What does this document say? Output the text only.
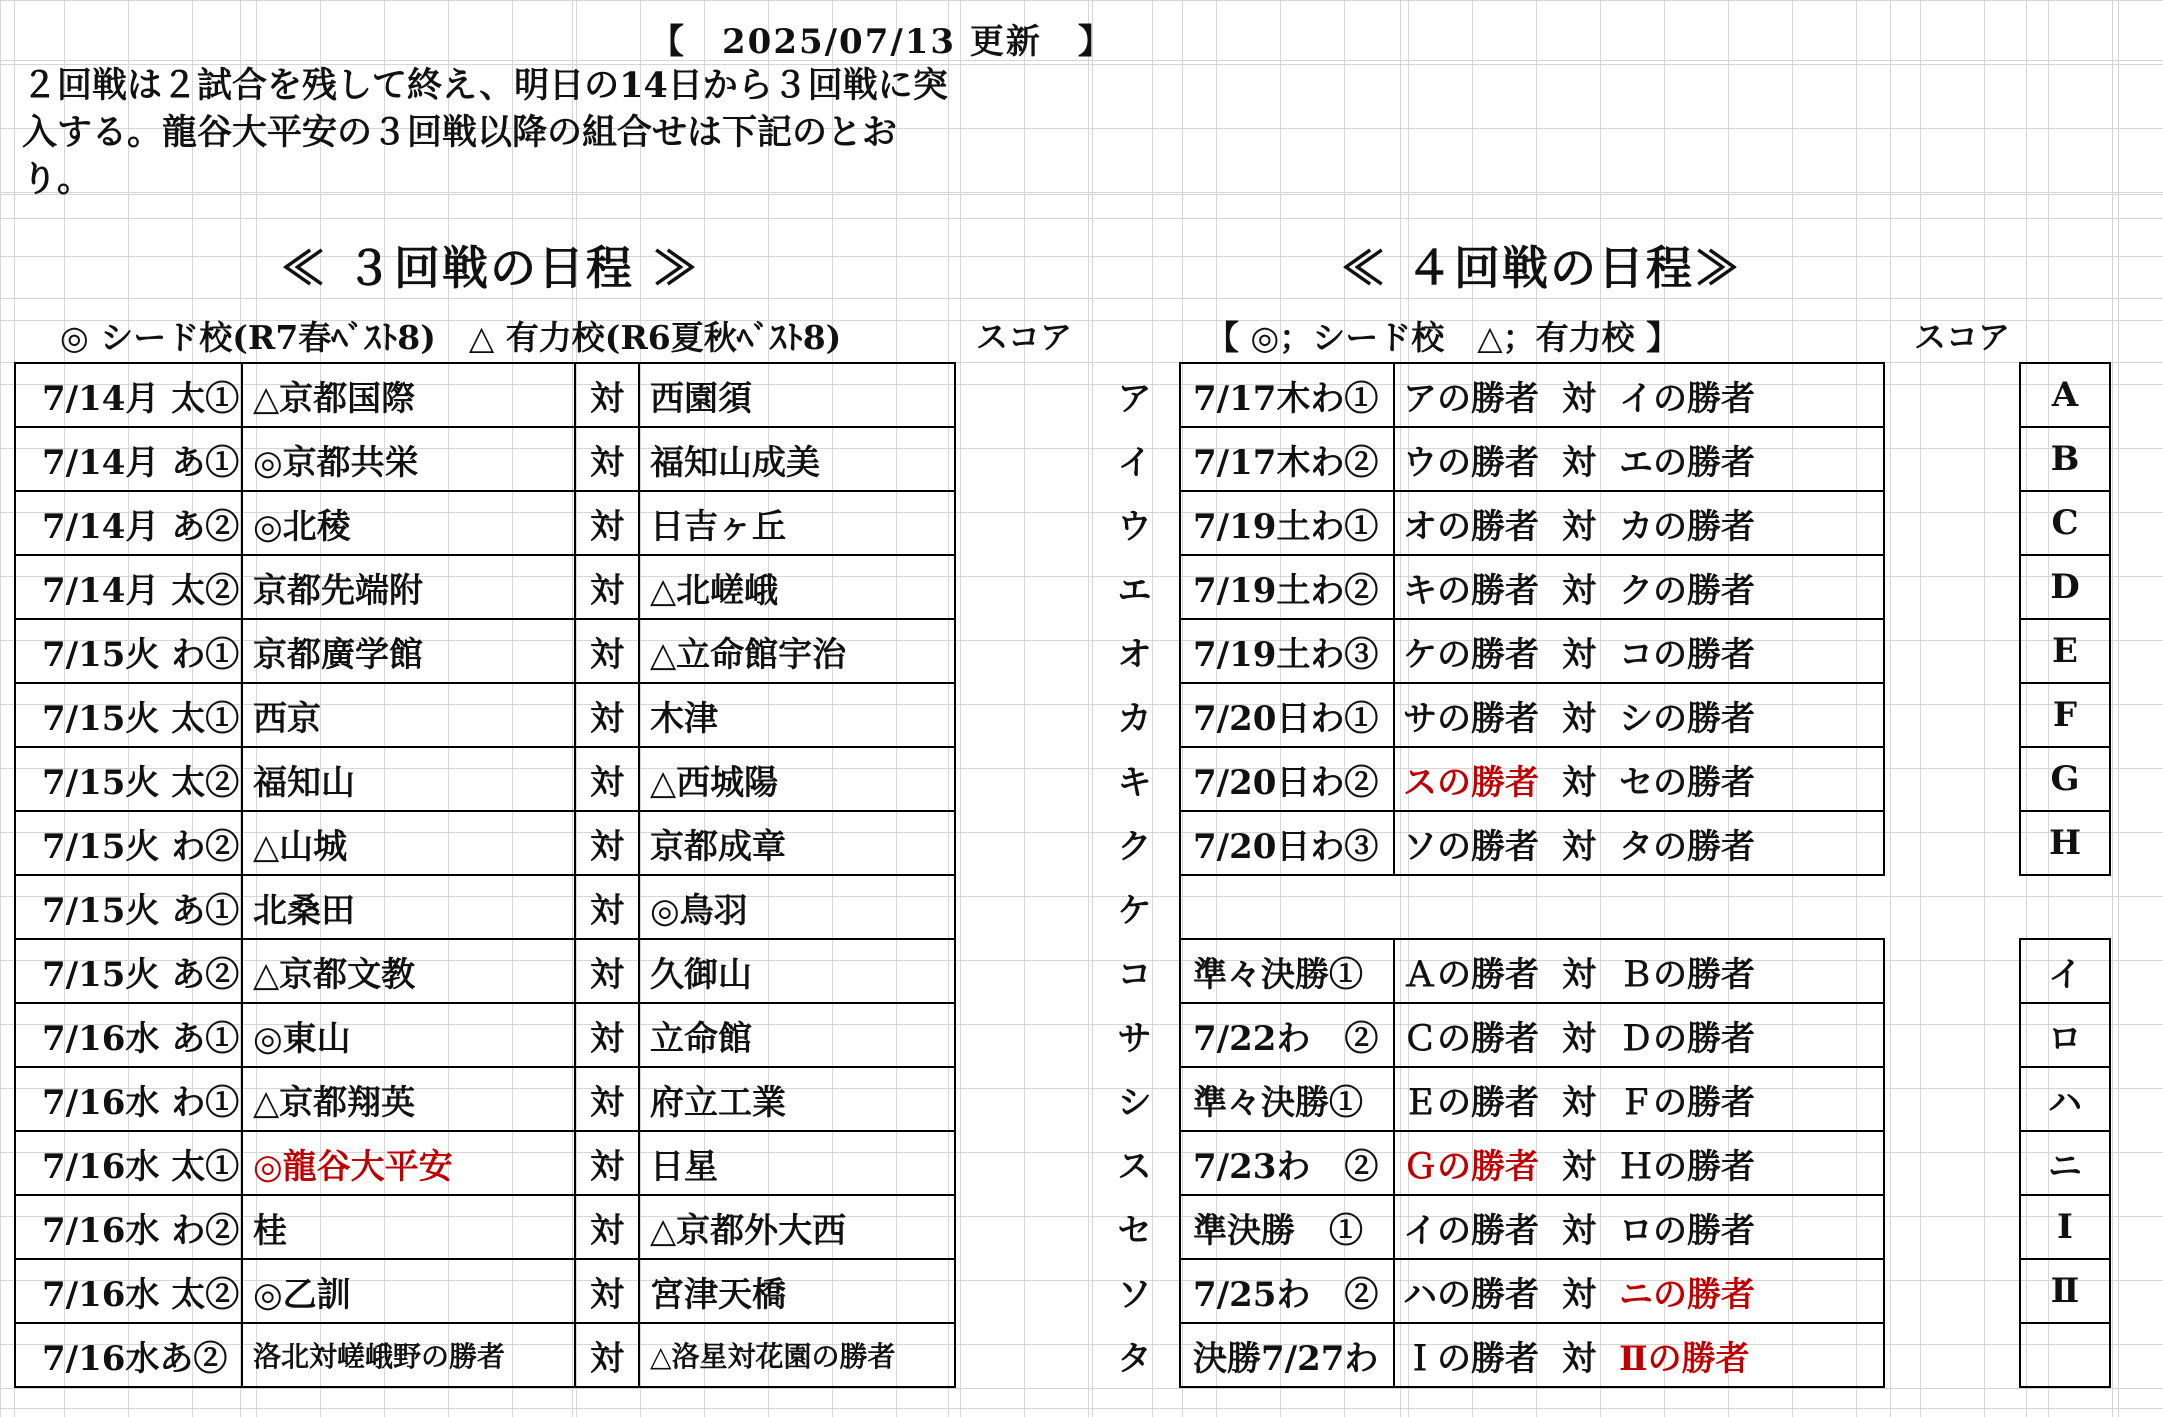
【　2025/07/13 更新　】
２回戦は２試合を残して終え、明日の14日から３回戦に突入する。龍谷大平安の３回戦以降の組合せは下記のとおり。
≪ ３回戦の日程 ≫
◎ シード校(R7春ﾍﾞｽﾄ8)　△ 有力校(R6夏秋ﾍﾞｽﾄ8)	スコア
≪ ４回戦の日程≫
【 ◎；シード校　△；有力校 】	スコア
7/14月 太①	△京都国際	対	西園須
7/14月 あ①	◎京都共栄	対	福知山成美
7/14月 あ②	◎北稜	対	日吉ヶ丘
7/14月 太②	京都先端附	対	△北嵯峨
7/15火 わ①	京都廣学館	対	△立命館宇治
7/15火 太①	西京	対	木津
7/15火 太②	福知山	対	△西城陽
7/15火 わ②	△山城	対	京都成章
7/15火 あ①	北桑田	対	◎鳥羽
7/15火 あ②	△京都文教	対	久御山
7/16水 あ①	◎東山	対	立命館
7/16水 わ①	△京都翔英	対	府立工業
7/16水 太①	◎龍谷大平安	対	日星
7/16水 わ②	桂	対	△京都外大西
7/16水 太②	◎乙訓	対	宮津天橋
7/16水あ②	洛北対嵯峨野の勝者	対	△洛星対花園の勝者
ア	7/17木わ①	アの勝者 対 イの勝者		A
イ	7/17木わ②	ウの勝者 対 エの勝者		B
ウ	7/19土わ①	オの勝者 対 カの勝者		C
エ	7/19土わ②	キの勝者 対 クの勝者		D
オ	7/19土わ③	ケの勝者 対 コの勝者		E
カ	7/20日わ①	サの勝者 対 シの勝者		F
キ	7/20日わ②	スの勝者 対 セの勝者		G
ク	7/20日わ③	ソの勝者 対 タの勝者		H
ケ				
コ	準々決勝①	Ａの勝者 対 Ｂの勝者		イ
サ	7/22わ　②	Ｃの勝者 対 Ｄの勝者		ロ
シ	準々決勝①	Ｅの勝者 対 Ｆの勝者		ハ
ス	7/23わ　②	Ｇの勝者 対 Ｈの勝者		ニ
セ	準決勝　①	イの勝者 対 ロの勝者		Ⅰ
ソ	7/25わ　②	ハの勝者 対 ニの勝者		Ⅱ
タ	決勝7/27わ	Ｉの勝者 対 Ⅱの勝者		
